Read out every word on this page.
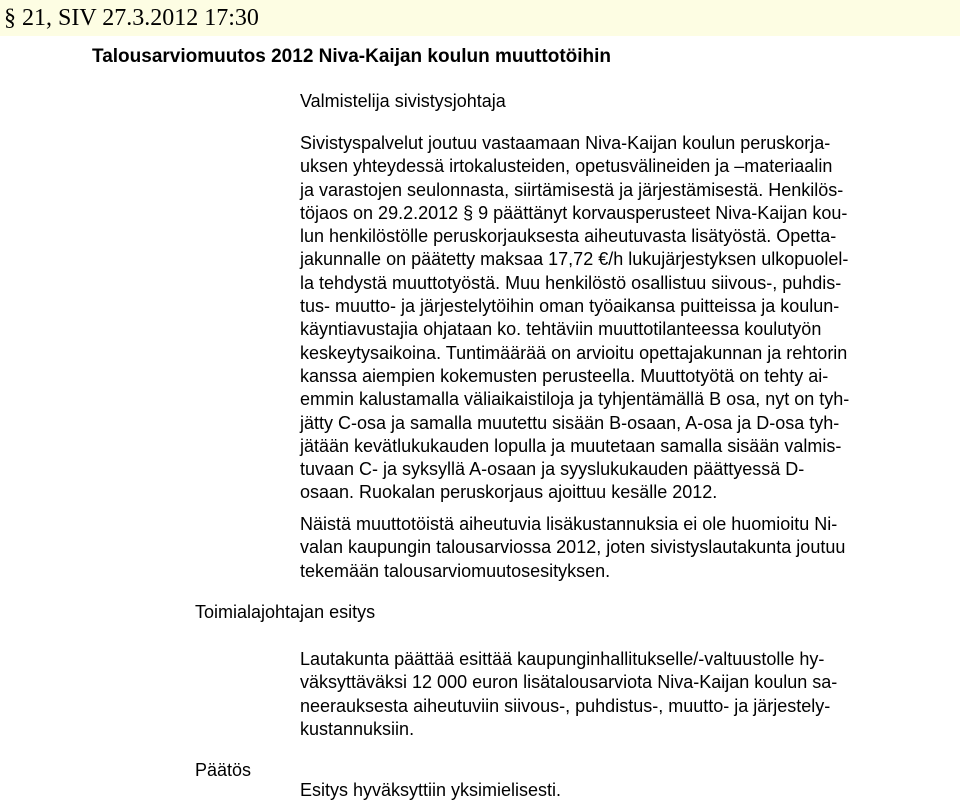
§ 21, SIV 27.3.2012 17:30
Talousarviomuutos 2012 Niva-Kaijan koulun muuttotöihin

Valmistelija sivistysjohtaja

Sivistyspalvelut joutuu vastaamaan Niva-Kaijan koulun peruskorja-
uksen yhteydessä irtokalusteiden, opetusvälineiden ja –materiaalin
ja varastojen seulonnasta, siirtämisestä ja järjestämisestä. Henkilös-
töjaos on 29.2.2012 § 9 päättänyt korvausperusteet Niva-Kaijan kou-
lun henkilöstölle peruskorjauksesta aiheutuvasta lisätyöstä. Opetta-
jakunnalle on päätetty maksaa 17,72 €/h lukujärjestyksen ulkopuolel-
la tehdystä muuttotyöstä. Muu henkilöstö osallistuu siivous-, puhdis-
tus- muutto- ja järjestelytöihin oman työaikansa puitteissa ja koulun-
käyntiavustajia ohjataan ko. tehtäviin muuttotilanteessa koulutyön
keskeytysaikoina. Tuntimäärää on arvioitu opettajakunnan ja rehtorin
kanssa aiempien kokemusten perusteella. Muuttotyötä on tehty ai-
emmin kalustamalla väliaikaistiloja ja tyhjentämällä B osa, nyt on tyh-
jätty C-osa ja samalla muutettu sisään B-osaan, A-osa ja D-osa tyh-
jätään kevätlukukauden lopulla ja muutetaan samalla sisään valmis-
tuvaan C- ja syksyllä A-osaan ja syyslukukauden päättyessä D-
osaan. Ruokalan peruskorjaus ajoittuu kesälle 2012.
Näistä muuttotöistä aiheutuvia lisäkustannuksia ei ole huomioitu Ni-
valan kaupungin talousarviossa 2012, joten sivistyslautakunta joutuu
tekemään talousarviomuutosesityksen.

Toimialajohtajan esitys

Lautakunta päättää esittää kaupunginhallitukselle/-valtuustolle hy-
väksyttäväksi 12 000 euron lisätalousarviota Niva-Kaijan koulun sa-
neerauksesta aiheutuviin siivous-, puhdistus-, muutto- ja järjestely-
kustannuksiin.

Päätös

Esitys hyväksyttiin yksimielisesti.
